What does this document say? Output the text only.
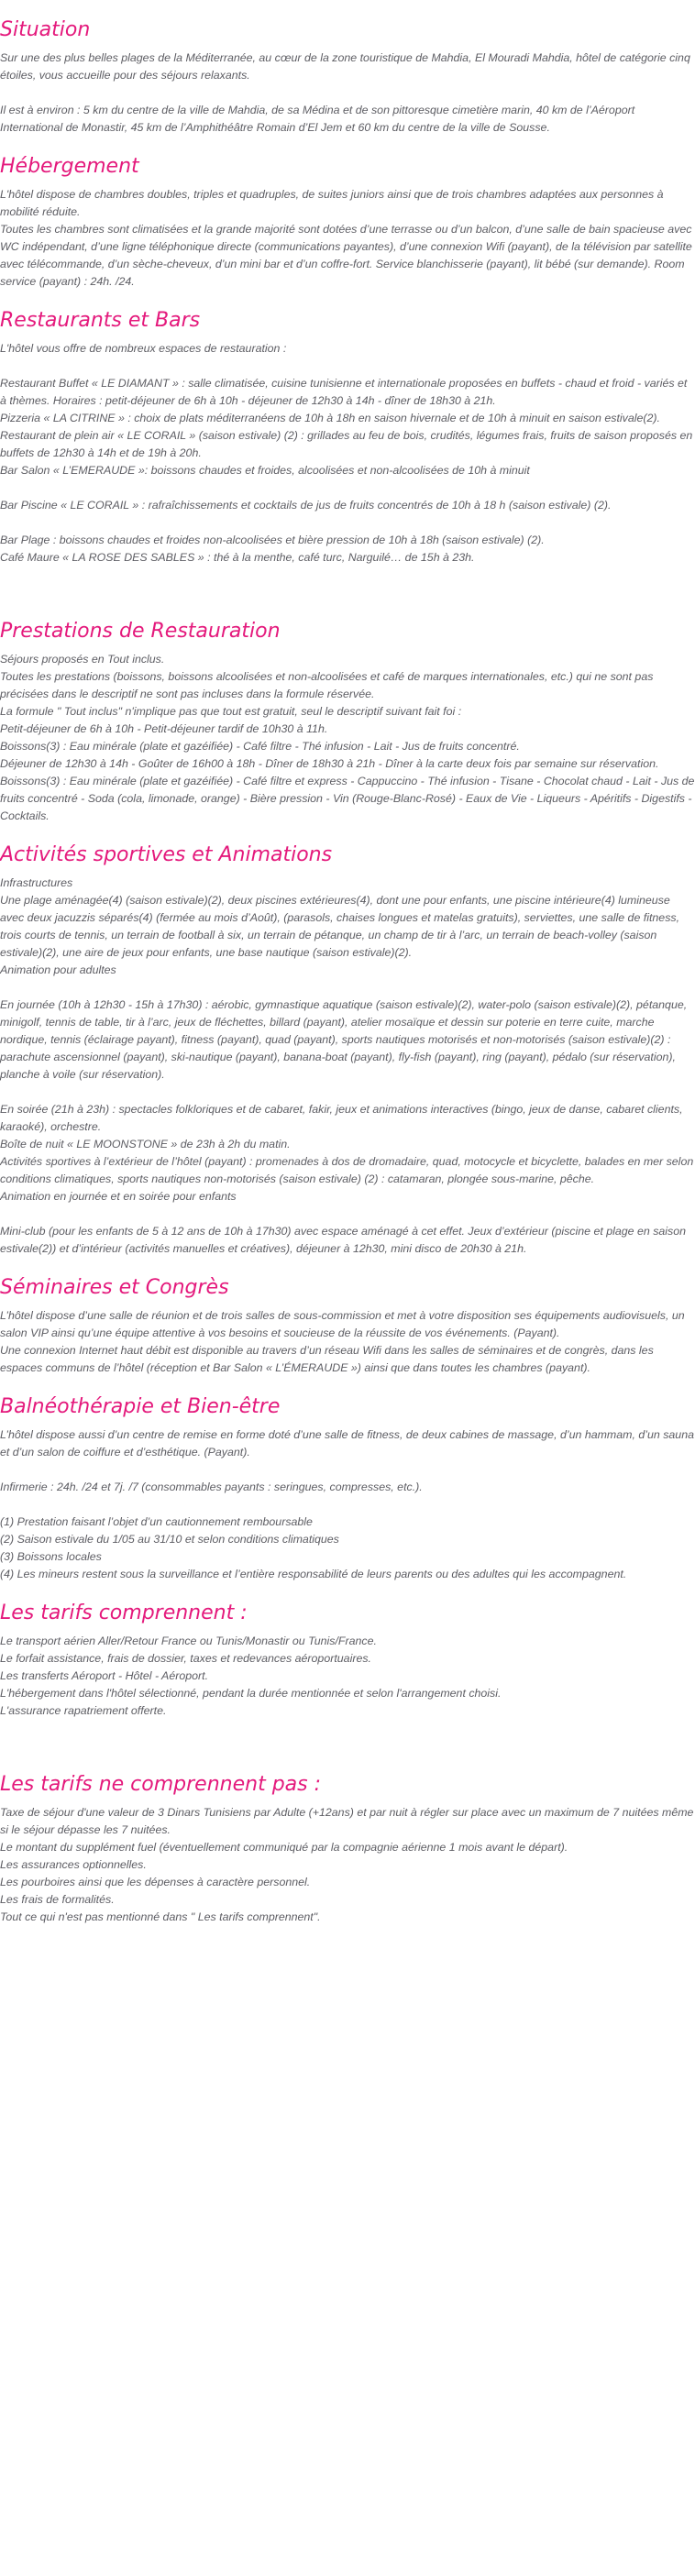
Situation

Sur une des plus belles plages de la Méditerranée, au cœur de la zone touristique de Mahdia, El Mouradi Mahdia, hôtel de catégorie cinq étoiles, vous accueille pour des séjours relaxants.

Il est à environ : 5 km du centre de la ville de Mahdia, de sa Médina et de son pittoresque cimetière marin, 40 km de l’Aéroport International de Monastir, 45 km de l’Amphithéâtre Romain d’El Jem et 60 km du centre de la ville de Sousse.

Hébergement

L'hôtel dispose de chambres doubles, triples et quadruples, de suites juniors ainsi que de trois chambres adaptées aux personnes à mobilité réduite.

Toutes les chambres sont climatisées et la grande majorité sont dotées d’une terrasse ou d’un balcon, d’une salle de bain spacieuse avec WC indépendant, d’une ligne téléphonique directe (communications payantes), d’une connexion Wifi (payant), de la télévision par satellite avec télécommande, d’un sèche-cheveux, d’un mini bar et d’un coffre-fort. Service blanchisserie (payant), lit bébé (sur demande). Room service (payant) : 24h. /24.

Restaurants et Bars

L'hôtel vous offre de nombreux espaces de restauration :

Restaurant Buffet « LE DIAMANT » : salle climatisée, cuisine tunisienne et internationale proposées en buffets - chaud et froid - variés et à thèmes. Horaires : petit-déjeuner de 6h à 10h - déjeuner de 12h30 à 14h - dîner de 18h30 à 21h.

Pizzeria « LA CITRINE » : choix de plats méditerranéens de 10h à 18h en saison hivernale et de 10h à minuit en saison estivale(2).

Restaurant de plein air « LE CORAIL » (saison estivale) (2) : grillades au feu de bois, crudités, légumes frais, fruits de saison proposés en buffets de 12h30 à 14h et de 19h à 20h.

Bar Salon « L’EMERAUDE »: boissons chaudes et froides, alcoolisées et non-alcoolisées de 10h à minuit

Bar Piscine « LE CORAIL » : rafraîchissements et cocktails de jus de fruits concentrés de 10h à 18 h (saison estivale) (2).

Bar Plage : boissons chaudes et froides non-alcoolisées et bière pression de 10h à 18h (saison estivale) (2).

Café Maure « LA ROSE DES SABLES » : thé à la menthe, café turc, Narguilé… de 15h à 23h.

Prestations de Restauration

Séjours proposés en Tout inclus.

Toutes les prestations (boissons, boissons alcoolisées et non-alcoolisées et café de marques internationales, etc.) qui ne sont pas précisées dans le descriptif ne sont pas incluses dans la formule réservée.

La formule " Tout inclus" n'implique pas que tout est gratuit, seul le descriptif suivant fait foi :

Petit-déjeuner de 6h à 10h - Petit-déjeuner tardif de 10h30 à 11h.

Boissons(3) : Eau minérale (plate et gazéifiée) - Café filtre - Thé infusion - Lait - Jus de fruits concentré.

Déjeuner de 12h30 à 14h - Goûter de 16h00 à 18h - Dîner de 18h30 à 21h - Dîner à la carte deux fois par semaine sur réservation.

Boissons(3) : Eau minérale (plate et gazéifiée) - Café filtre et express - Cappuccino - Thé infusion - Tisane - Chocolat chaud - Lait - Jus de fruits concentré - Soda (cola, limonade, orange) - Bière pression - Vin (Rouge-Blanc-Rosé) - Eaux de Vie - Liqueurs - Apéritifs - Digestifs - Cocktails.

Activités sportives et Animations

Infrastructures

Une plage aménagée(4) (saison estivale)(2), deux piscines extérieures(4), dont une pour enfants, une piscine intérieure(4) lumineuse avec deux jacuzzis séparés(4) (fermée au mois d’Août), (parasols, chaises longues et matelas gratuits), serviettes, une salle de fitness, trois courts de tennis, un terrain de football à six, un terrain de pétanque, un champ de tir à l’arc, un terrain de beach-volley (saison estivale)(2), une aire de jeux pour enfants, une base nautique (saison estivale)(2).

Animation pour adultes

En journée (10h à 12h30 - 15h à 17h30) : aérobic, gymnastique aquatique (saison estivale)(2), water-polo (saison estivale)(2), pétanque, minigolf, tennis de table, tir à l’arc, jeux de fléchettes, billard (payant), atelier mosaïque et dessin sur poterie en terre cuite, marche nordique, tennis (éclairage payant), fitness (payant), quad (payant), sports nautiques motorisés et non-motorisés (saison estivale)(2) : parachute ascensionnel (payant), ski-nautique (payant), banana-boat (payant), fly-fish (payant), ring (payant), pédalo (sur réservation), planche à voile (sur réservation).

En soirée (21h à 23h) : spectacles folkloriques et de cabaret, fakir, jeux et animations interactives (bingo, jeux de danse, cabaret clients, karaoké), orchestre.

Boîte de nuit « LE MOONSTONE » de 23h à 2h du matin.

Activités sportives à l’extérieur de l’hôtel (payant) : promenades à dos de dromadaire, quad, motocycle et bicyclette, balades en mer selon conditions climatiques, sports nautiques non-motorisés (saison estivale) (2) : catamaran, plongée sous-marine, pêche.

Animation en journée et en soirée pour enfants

Mini-club (pour les enfants de 5 à 12 ans de 10h à 17h30) avec espace aménagé à cet effet. Jeux d’extérieur (piscine et plage en saison estivale(2)) et d’intérieur (activités manuelles et créatives), déjeuner à 12h30, mini disco de 20h30 à 21h.

Séminaires et Congrès

L’hôtel dispose d’une salle de réunion et de trois salles de sous-commission et met à votre disposition ses équipements audiovisuels, un salon VIP ainsi qu’une équipe attentive à vos besoins et soucieuse de la réussite de vos événements. (Payant).

Une connexion Internet haut débit est disponible au travers d’un réseau Wifi dans les salles de séminaires et de congrès, dans les espaces communs de l’hôtel (réception et Bar Salon « L’ÉMERAUDE ») ainsi que dans toutes les chambres (payant).

Balnéothérapie et Bien-être

L’hôtel dispose aussi d’un centre de remise en forme doté d’une salle de fitness, de deux cabines de massage, d’un hammam, d’un sauna et d’un salon de coiffure et d’esthétique. (Payant).

Infirmerie : 24h. /24 et 7j. /7 (consommables payants : seringues, compresses, etc.).

(1) Prestation faisant l’objet d’un cautionnement remboursable

(2) Saison estivale du 1/05 au 31/10 et selon conditions climatiques

(3) Boissons locales

(4) Les mineurs restent sous la surveillance et l’entière responsabilité de leurs parents ou des adultes qui les accompagnent.

Les tarifs comprennent :

Le transport aérien Aller/Retour France ou Tunis/Monastir ou Tunis/France.

Le forfait assistance, frais de dossier, taxes et redevances aéroportuaires.

Les transferts Aéroport - Hôtel - Aéroport.

L'hébergement dans l'hôtel sélectionné, pendant la durée mentionnée et selon l'arrangement choisi.

L'assurance rapatriement offerte.

Les tarifs ne comprennent pas :

Taxe de séjour d'une valeur de 3 Dinars Tunisiens par Adulte (+12ans) et par nuit à régler sur place avec un maximum de 7 nuitées même si le séjour dépasse les 7 nuitées.

Le montant du supplément fuel (éventuellement communiqué par la compagnie aérienne 1 mois avant le départ).

Les assurances optionnelles.

Les pourboires ainsi que les dépenses à caractère personnel.

Les frais de formalités.

Tout ce qui n'est pas mentionné dans " Les tarifs comprennent".
